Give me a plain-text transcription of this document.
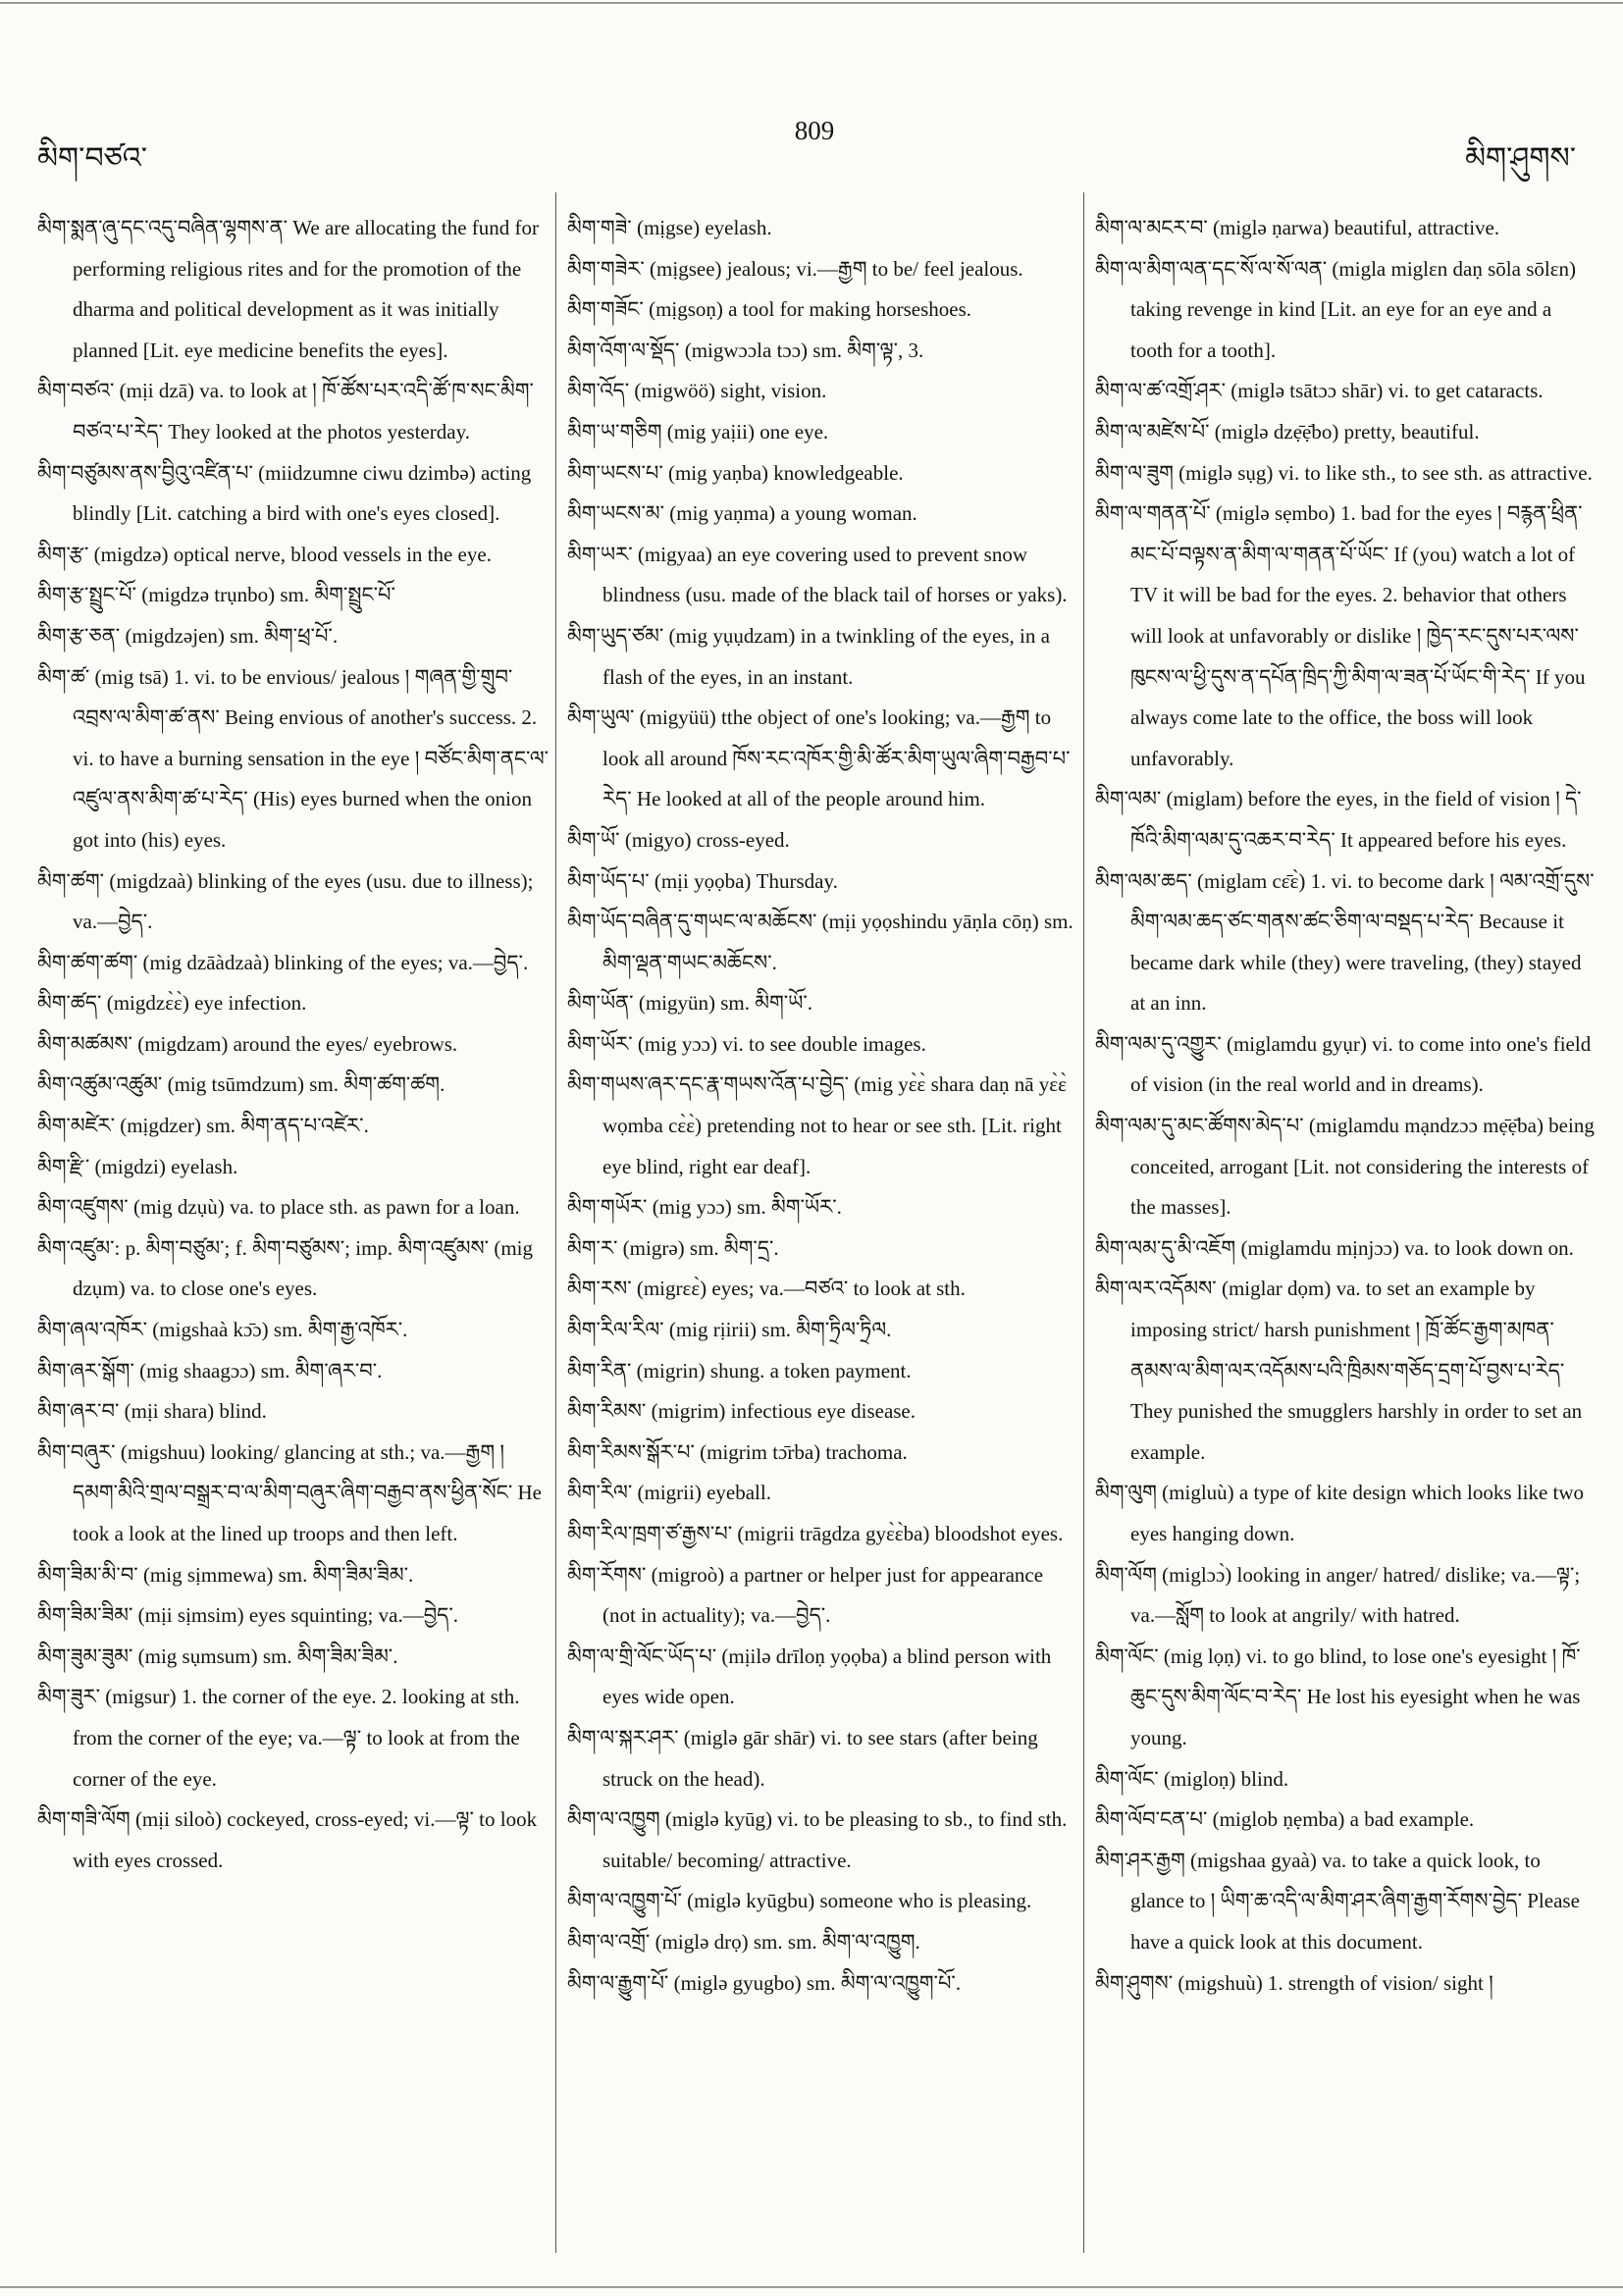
མིག་བཙའ་
809
མིག་ཤུགས་
མིག་སྨན་ཞུ་དང་འདུ་བཞིན་ལྷགས་ན་ We are allocating the fund for performing religious rites and for the promotion of the dharma and political development as it was initially planned [Lit. eye medicine benefits the eyes].
མིག་བཙའ་ (mịi dzā) va. to look at ། ཁོ་ཚོས་པར་འདི་ཚོ་ཁ་སང་མིག་བཙའ་པ་རེད་ They looked at the photos yesterday.
མིག་བཙུམས་ནས་བྱིའུ་འཛིན་པ་ (miidzumne ciwu dzimbə) acting blindly [Lit. catching a bird with one's eyes closed].
མིག་རྩ་ (migdzə) optical nerve, blood vessels in the eye.
མིག་རྩ་སྤྲུང་པོ་ (migdzə trụnbo) sm. མིག་སྤྲུང་པོ་
མིག་རྩ་ཅན་ (migdzəjen) sm. མིག་ཕྲ་པོ་.
མིག་ཚ་ (mig tsā) 1. vi. to be envious/ jealous ། གཞན་གྱི་གྲུབ་འབྲས་ལ་མིག་ཚ་ནས་ Being envious of another's success. 2. vi. to have a burning sensation in the eye ། བཙོང་མིག་ནང་ལ་འཛུལ་ནས་མིག་ཚ་པ་རེད་ (His) eyes burned when the onion got into (his) eyes.
མིག་ཚག་ (migdzaà) blinking of the eyes (usu. due to illness); va.—བྱེད་.
མིག་ཚག་ཚག་ (mig dzāàdzaà) blinking of the eyes; va.—བྱེད་.
མིག་ཚད་ (migdzɛ̀ɛ̀) eye infection.
མིག་མཚམས་ (migdzam) around the eyes/ eyebrows.
མིག་འཚུམ་འཚུམ་ (mig tsūmdzum) sm. མིག་ཚག་ཚག.
མིག་མཛེར་ (mịgdzer) sm. མིག་ནད་པ་འཛེར་.
མིག་རྫི་ (migdzi) eyelash.
མིག་འཛུགས་ (mig dzụù) va. to place sth. as pawn for a loan.
མིག་འཛུམ་: p. མིག་བཙུམ་; f. མིག་བཙུམས་; imp. མིག་འཛུམས་ (mig dzụm) va. to close one's eyes.
མིག་ཞལ་འཁོར་ (migshaà kɔ̄ɔ) sm. མིག་རྒྱ་འཁོར་.
མིག་ཞར་སྒོག་ (mig shaagɔɔ) sm. མིག་ཞར་བ་.
མིག་ཞར་བ་ (mịi shara) blind.
མིག་བཞུར་ (migshuu) looking/ glancing at sth.; va.—རྒྱག ། དམག་མིའི་གྲལ་བསྒྲར་བ་ལ་མིག་བཞུར་ཞིག་བརྒྱབ་ནས་ཕྱིན་སོང་ He took a look at the lined up troops and then left.
མིག་ཟིམ་མི་བ་ (mig sịmmewa) sm. མིག་ཟིམ་ཟིམ་.
མིག་ཟིམ་ཟིམ་ (mịi sịmsim) eyes squinting; va.—བྱེད་.
མིག་ཟུམ་ཟུམ་ (mig sụmsum) sm. མིག་ཟིམ་ཟིམ་.
མིག་ཟུར་ (migsur) 1. the corner of the eye. 2. looking at sth. from the corner of the eye; va.—ལྟ་ to look at from the corner of the eye.
མིག་གཟི་ལོག (mịi siloò) cockeyed, cross-eyed; vi.—ལྟ་ to look with eyes crossed.
མིག་གཟེ་ (mịgse) eyelash.
མིག་གཟེར་ (mịgsee) jealous; vi.—རྒྱག to be/ feel jealous.
མིག་གཟོང་ (mịgsoṇ) a tool for making horseshoes.
མིག་འོག་ལ་སྡོད་ (migwɔɔla tɔɔ) sm. མིག་ལྟ་, 3.
མིག་འོད་ (migwöö) sight, vision.
མིག་ཡ་གཅིག (mig yaịii) one eye.
མིག་ཡངས་པ་ (mig yaṇba) knowledgeable.
མིག་ཡངས་མ་ (mig yaṇma) a young woman.
མིག་ཡར་ (migyaa) an eye covering used to prevent snow blindness (usu. made of the black tail of horses or yaks).
མིག་ཡུད་ཙམ་ (mig yụụdzam) in a twinkling of the eyes, in a flash of the eyes, in an instant.
མིག་ཡུལ་ (migyüü) tthe object of one's looking; va.—རྒྱག to look all around ཁོས་རང་འཁོར་གྱི་མི་ཚོར་མིག་ཡུལ་ཞིག་བརྒྱབ་པ་རེད་ He looked at all of the people around him.
མིག་ཡོ་ (migyo) cross-eyed.
མིག་ཡོད་པ་ (mịi yọọba) Thursday.
མིག་ཡོད་བཞིན་དུ་གཡང་ལ་མཆོངས་ (mịi yọọshindu yāṇla cōṇ) sm. མིག་ལྡན་གཡང་མཆོངས་.
མིག་ཡོན་ (migyün) sm. མིག་ཡོ་.
མིག་ཡོར་ (mig yɔɔ) vi. to see double images.
མིག་གཡས་ཞར་དང་རྣ་གཡས་འོན་པ་བྱེད་ (mig yɛ̀ɛ̀ shara daṇ nā yɛ̀ɛ̀ wọmba cɛ̀ɛ̀) pretending not to hear or see sth. [Lit. right eye blind, right ear deaf].
མིག་གཡོར་ (mig yɔɔ) sm. མིག་ཡོར་.
མིག་ར་ (migrə) sm. མིག་དྲ་.
མིག་རས་ (migrɛɛ̀) eyes; va.—བཙའ་ to look at sth.
མིག་རིལ་རིལ་ (mig rịirii) sm. མིག་ཏྲིལ་ཏྲིལ.
མིག་རིན་ (migrin) shung. a token payment.
མིག་རིམས་ (migrim) infectious eye disease.
མིག་རིམས་སྒོར་པ་ (migrim tɔ̄rba) trachoma.
མིག་རིལ་ (migrii) eyeball.
མིག་རིལ་ཁྲག་ཙ་རྒྱས་པ་ (migrii trāgdza gyɛ̀ɛ̀ba) bloodshot eyes.
མིག་རོགས་ (migroò) a partner or helper just for appearance (not in actuality); va.—བྱེད་.
མིག་ལ་གྲི་ལོང་ཡོད་པ་ (mịilə drīloṇ yọọba) a blind person with eyes wide open.
མིག་ལ་སྐར་ཤར་ (miglə gār shār) vi. to see stars (after being struck on the head).
མིག་ལ་འཁྱུག (miglə kyūg) vi. to be pleasing to sb., to find sth. suitable/ becoming/ attractive.
མིག་ལ་འཁྱུག་པོ་ (miglə kyūgbu) someone who is pleasing.
མིག་ལ་འགྲོ་ (miglə drọ) sm. sm. མིག་ལ་འཁྱུག.
མིག་ལ་རྒྱུག་པོ་ (miglə gyugbo) sm. མིག་ལ་འཁྱུག་པོ་.
མིག་ལ་མངར་བ་ (miglə ṇarwa) beautiful, attractive.
མིག་ལ་མིག་ལན་དང་སོ་ལ་སོ་ལན་ (migla miglɛn daṇ sōla sōlɛn) taking revenge in kind [Lit. an eye for an eye and a tooth for a tooth].
མིག་ལ་ཚ་འགྲོ་ཤར་ (miglə tsātɔɔ shār) vi. to get cataracts.
མིག་ལ་མཛེས་པོ་ (miglə dzẹ̄ẹ̄bo) pretty, beautiful.
མིག་ལ་ཟུག (miglə sụg) vi. to like sth., to see sth. as attractive.
མིག་ལ་གནན་པོ་ (miglə sẹmbo) 1. bad for the eyes ། བརྙན་ཕྲིན་མང་པོ་བལྟས་ན་མིག་ལ་གནན་པོ་ཡོང་ If (you) watch a lot of TV it will be bad for the eyes. 2. behavior that others will look at unfavorably or dislike ། ཁྱེད་རང་དུས་པར་ལས་ཁུངས་ལ་ཕྱི་དུས་ན་དཔོན་ཁྲིད་ཀྱི་མིག་ལ་ཟན་པོ་ཡོང་གི་རེད་ If you always come late to the office, the boss will look unfavorably.
མིག་ལམ་ (miglam) before the eyes, in the field of vision ། དེ་ཁོའི་མིག་ལམ་དུ་འཆར་བ་རེད་ It appeared before his eyes.
མིག་ལམ་ཆད་ (miglam cɛ̄ɛ̀) 1. vi. to become dark ། ལམ་འགྲོ་དུས་མིག་ལམ་ཆད་ཙང་གནས་ཚང་ཅིག་ལ་བསྡད་པ་རེད་ Because it became dark while (they) were traveling, (they) stayed at an inn.
མིག་ལམ་དུ་འགྱུར་ (miglamdu gyụr) vi. to come into one's field of vision (in the real world and in dreams).
མིག་ལམ་དུ་མང་ཚོགས་མེད་པ་ (miglamdu mạndzɔɔ mẹ̄ẹ̄ba) being conceited, arrogant [Lit. not considering the interests of the masses].
མིག་ལམ་དུ་མི་འཇོག (miglamdu mịnjɔɔ) va. to look down on.
མིག་ལར་འདོམས་ (miglar dọm) va. to set an example by imposing strict/ harsh punishment ། ཁྲོ་ཚོང་རྒྱག་མཁན་ནམས་ལ་མིག་ལར་འདོམས་པའི་ཁྲིམས་གཅོད་དྲག་པོ་བྱས་པ་རེད་ They punished the smugglers harshly in order to set an example.
མིག་ལུག (migluù) a type of kite design which looks like two eyes hanging down.
མིག་ལོག (miglɔɔ̀) looking in anger/ hatred/ dislike; va.—ལྟ་; va.—སློག to look at angrily/ with hatred.
མིག་ལོང་ (mig lọṇ) vi. to go blind, to lose one's eyesight ། ཁོ་ཆུང་དུས་མིག་ལོང་བ་རེད་ He lost his eyesight when he was young.
མིག་ལོང་ (migloṇ) blind.
མིག་ལོབ་ངན་པ་ (miglob ṇẹmba) a bad example.
མིག་ཤར་རྒྱག (migshaa gyaà) va. to take a quick look, to glance to ། ཡིག་ཆ་འདི་ལ་མིག་ཤར་ཞིག་རྒྱག་རོགས་བྱེད་ Please have a quick look at this document.
མིག་ཤུགས་ (migshuù) 1. strength of vision/ sight །
